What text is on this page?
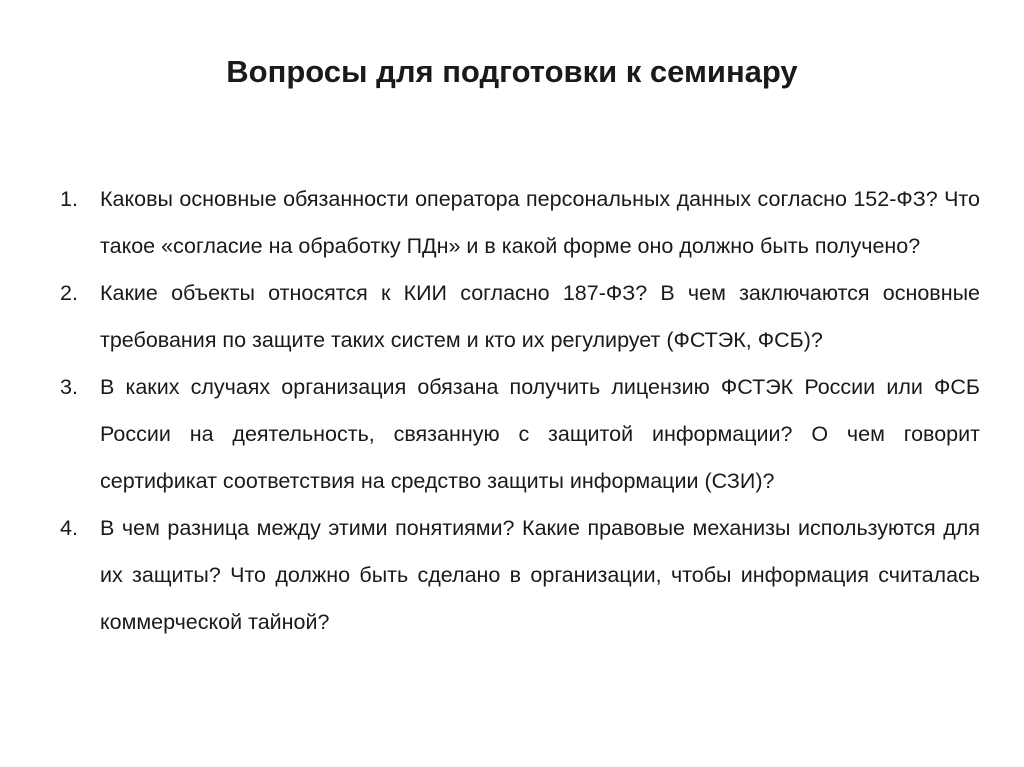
Вопросы для подготовки к семинару
1.	Каковы основные обязанности оператора персональных данных согласно 152-ФЗ? Что такое «согласие на обработку ПДн» и в какой форме оно должно быть получено?
2.	Какие объекты относятся к КИИ согласно 187-ФЗ? В чем заключаются основные требования по защите таких систем и кто их регулирует (ФСТЭК, ФСБ)?
3.	В каких случаях организация обязана получить лицензию ФСТЭК России или ФСБ России на деятельность, связанную с защитой информации? О чем говорит сертификат соответствия на средство защиты информации (СЗИ)?
4.	В чем разница между этими понятиями? Какие правовые механизы используются для их защиты? Что должно быть сделано в организации, чтобы информация считалась коммерческой тайной?
